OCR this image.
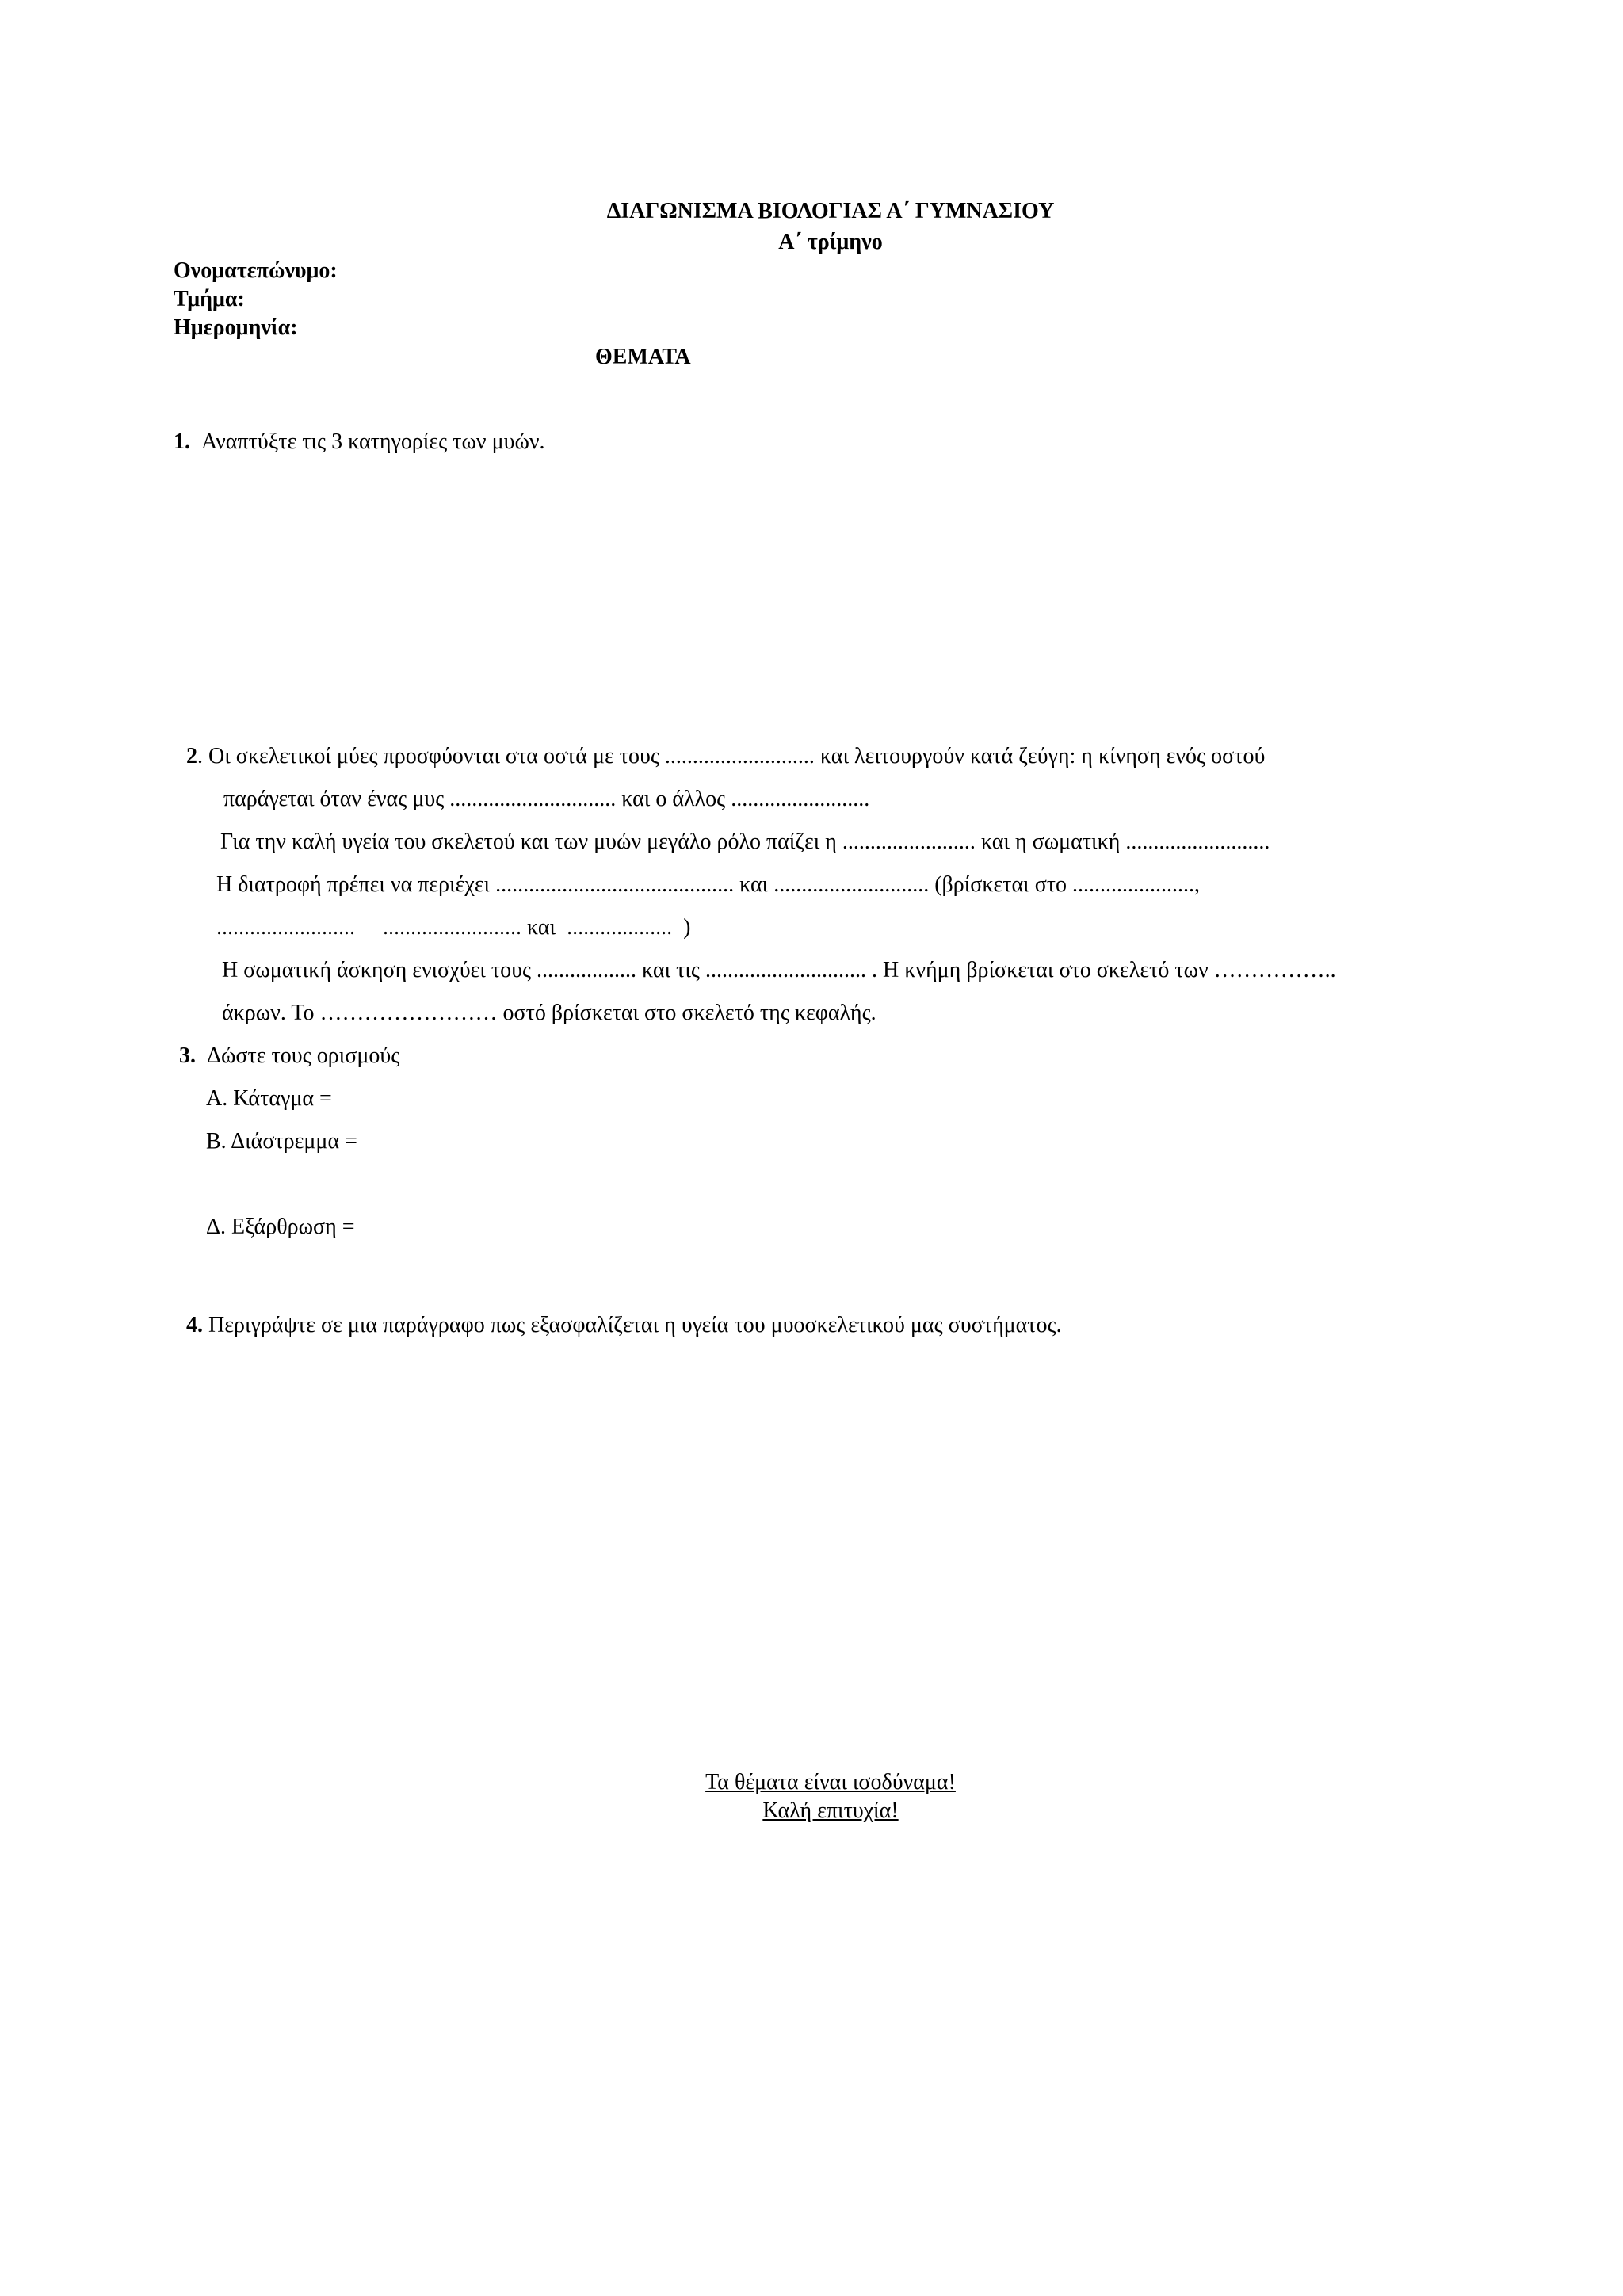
ΔΙΑΓΩΝΙΣΜΑ ΒΙΟΛΟΓΙΑΣ Α΄ ΓΥΜΝΑΣΙΟΥ
Α΄ τρίμηνο
Ονοματεπώνυμο:
Τμήμα:
Ημερομηνία:
ΘΕΜΑΤΑ
1. Αναπτύξτε τις 3 κατηγορίες των μυών.
2. Οι σκελετικοί μύες προσφύονται στα οστά με τους ........................... και λειτουργούν κατά ζεύγη: η κίνηση ενός οστού
παράγεται όταν ένας μυς .............................. και ο άλλος .........................
Για την καλή υγεία του σκελετού και των μυών μεγάλο ρόλο παίζει η ........................ και η σωματική ..........................
Η διατροφή πρέπει να περιέχει ........................................... και ............................ (βρίσκεται στο ......................,
.........................     ......................... και  ...................  )
Η σωματική άσκηση ενισχύει τους .................. και τις ............................. . Η κνήμη βρίσκεται στο σκελετό των ……………..
άκρων. Το …………………… οστό βρίσκεται στο σκελετό της κεφαλής.
3. Δώστε τους ορισμούς
Α. Κάταγμα =
Β. Διάστρεμμα =
Δ. Εξάρθρωση =
4. Περιγράψτε σε μια παράγραφο πως εξασφαλίζεται η υγεία του μυοσκελετικού μας συστήματος.
Τα θέματα είναι ισοδύναμα!
Καλή επιτυχία!
